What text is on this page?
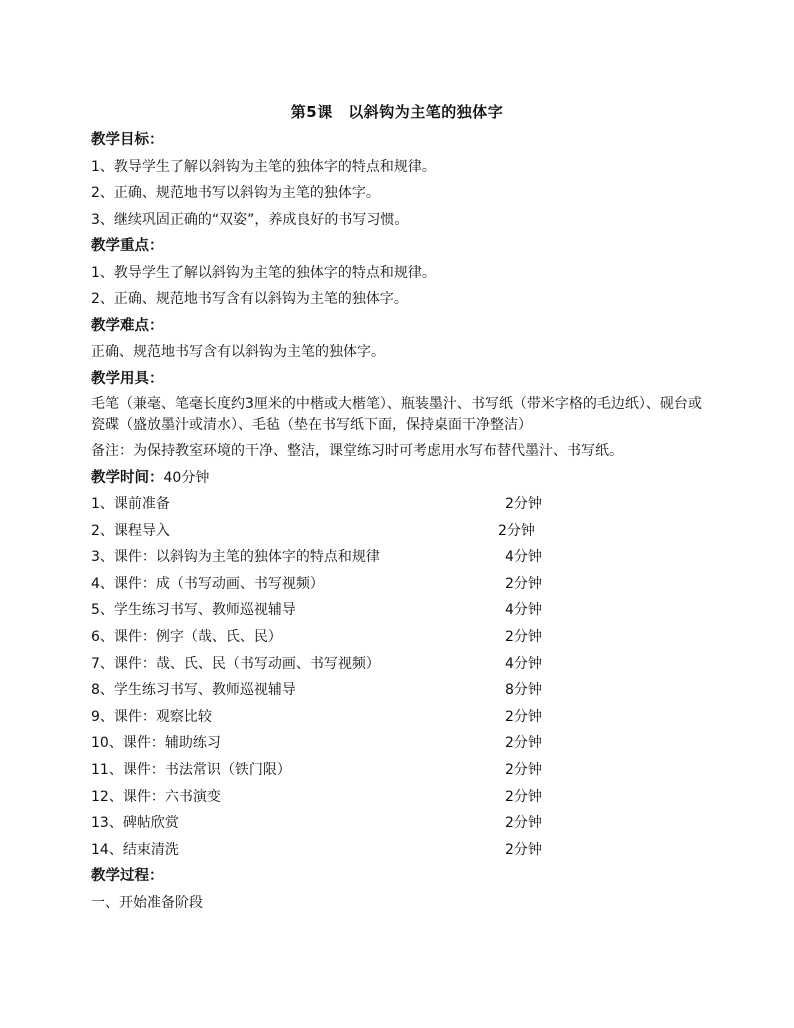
第5课　以斜钩为主笔的独体字
教学目标：
1、教导学生了解以斜钩为主笔的独体字的特点和规律。
2、正确、规范地书写以斜钩为主笔的独体字。
3、继续巩固正确的“双姿”，养成良好的书写习惯。
教学重点：
1、教导学生了解以斜钩为主笔的独体字的特点和规律。
2、正确、规范地书写含有以斜钩为主笔的独体字。
教学难点：
正确、规范地书写含有以斜钩为主笔的独体字。
教学用具：
毛笔（兼毫、笔毫长度约3厘米的中楷或大楷笔）、瓶装墨汁、书写纸（带米字格的毛边纸）、砚台或瓷碟（盛放墨汁或清水）、毛毡（垫在书写纸下面，保持桌面干净整洁）
备注：为保持教室环境的干净、整洁，课堂练习时可考虑用水写布替代墨汁、书写纸。
教学时间：40分钟
1、课前准备	2分钟
2、课程导入	2分钟
3、课件：以斜钩为主笔的独体字的特点和规律	4分钟
4、课件：成（书写动画、书写视频）	2分钟
5、学生练习书写、教师巡视辅导	4分钟
6、课件：例字（哉、氏、民）	2分钟
7、课件：哉、氏、民（书写动画、书写视频）	4分钟
8、学生练习书写、教师巡视辅导	8分钟
9、课件：观察比较	2分钟
10、课件：辅助练习	2分钟
11、课件：书法常识（铁门限）	2分钟
12、课件：六书演变	2分钟
13、碑帖欣赏	2分钟
14、结束清洗	2分钟
教学过程：
一、开始准备阶段
